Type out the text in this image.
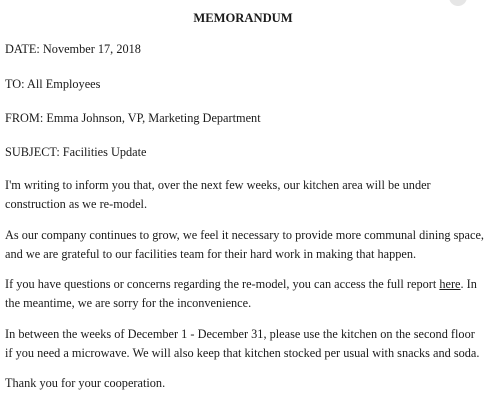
MEMORANDUM

DATE: November 17, 2018

TO: All Employees

FROM: Emma Johnson, VP, Marketing Department

SUBJECT: Facilities Update

I'm writing to inform you that, over the next few weeks, our kitchen area will be under
construction as we re-model.
As our company continues to grow, we feel it necessary to provide more communal dining space,
and we are grateful to our facilities team for their hard work in making that happen.
If you have questions or concerns regarding the re-model, you can access the full report here. In
the meantime, we are sorry for the inconvenience.
In between the weeks of December 1 - December 31, please use the kitchen on the second floor
if you need a microwave. We will also keep that kitchen stocked per usual with snacks and soda.

Thank you for your cooperation.
